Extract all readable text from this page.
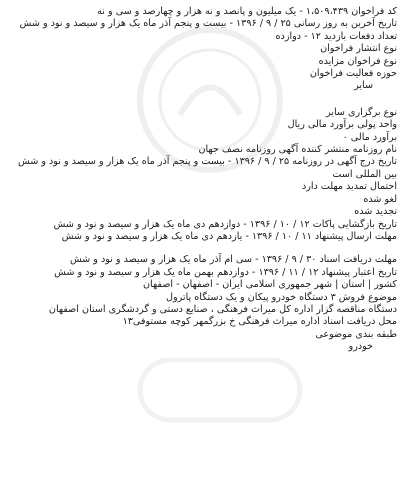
کد فراخوان ۱،۵۰۹،۴۳۹ - یک میلیون و پانصد و نه هزار و چهارصد و سی و نه
تاریخ آخرین به روز رسانی ۲۵ / ۹ / ۱۳۹۶ - بیست و پنجم آذر ماه یک هزار و سیصد و نود و شش
تعداد دفعات بازدید ۱۲ - دوازده
نوع انتشار فراخوان
نوع فراخوان مزایده
حوزه فعالیت فراخوان
سایر
نوع برگزاری سایر
واحد پولی برآورد مالی ریال
برآورد مالی ۰
نام روزنامه منتشر کننده آگهی روزنامه نصف جهان
تاریخ درج آگهی در روزنامه ۲۵ / ۹ / ۱۳۹۶ - بیست و پنجم آذر ماه یک هزار و سیصد و نود و شش
بین المللی است
احتمال تمدید مهلت دارد
لغو شده
تجدید شده
تاریخ بازگشایی پاکات ۱۲ / ۱۰ / ۱۳۹۶ - دوازدهم دی ماه یک هزار و سیصد و نود و شش
مهلت ارسال پیشنهاد ۱۱ / ۱۰ / ۱۳۹۶ - یازدهم دی ماه یک هزار و سیصد و نود و شش
مهلت دریافت اسناد ۳۰ / ۹ / ۱۳۹۶ - سی ام آذر ماه یک هزار و سیصد و نود و شش
تاریخ اعتبار پیشنهاد ۱۲ / ۱۱ / ۱۳۹۶ - دوازدهم بهمن ماه یک هزار و سیصد و نود و شش
کشور | استان | شهر جمهوری اسلامی ایران - اصفهان - اصفهان
موضوع فروش ۳ دستگاه خودرو پیکان و یک دستگاه پاترول
دستگاه مناقصه گزار اداره کل میراث فرهنگی ، صنایع دستی و گردشگری استان اصفهان
محل دریافت اسناد اداره میراث فرهنگی خ بزرگمهر کوچه مستوفی۱۳
طبقه بندی موضوعی
خودرو
